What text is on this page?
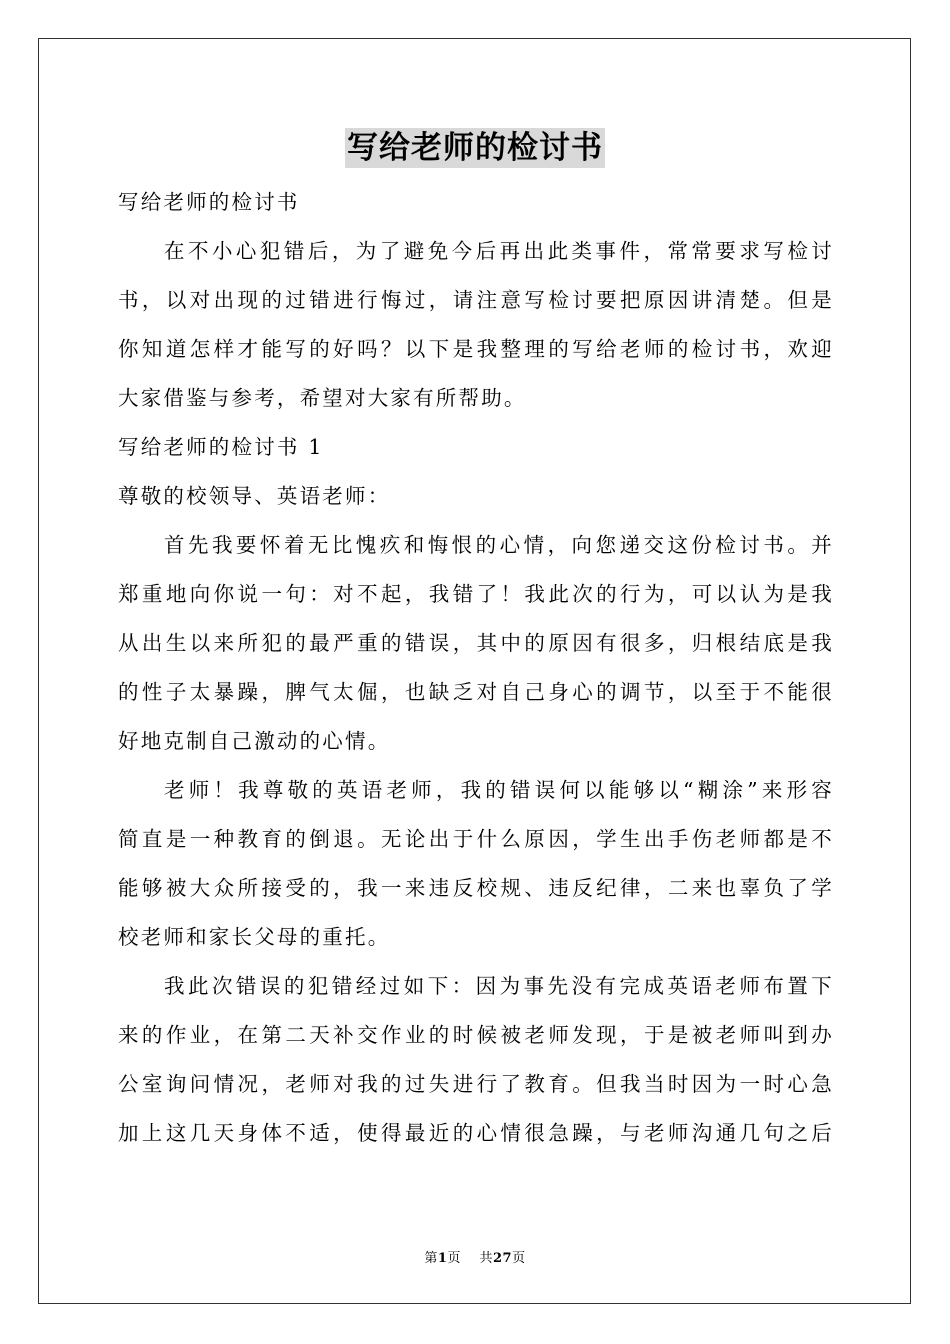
写给老师的检讨书
写给老师的检讨书
在不小心犯错后，为了避免今后再出此类事件，常常要求写检讨
书，以对出现的过错进行悔过，请注意写检讨要把原因讲清楚。但是
你知道怎样才能写的好吗？以下是我整理的写给老师的检讨书，欢迎
大家借鉴与参考，希望对大家有所帮助。
写给老师的检讨书 1
尊敬的校领导、英语老师：
首先我要怀着无比愧疚和悔恨的心情，向您递交这份检讨书。并
郑重地向你说一句：对不起，我错了！我此次的行为，可以认为是我
从出生以来所犯的最严重的错误，其中的原因有很多，归根结底是我
的性子太暴躁，脾气太倔，也缺乏对自己身心的调节，以至于不能很
好地克制自己激动的心情。
老师！我尊敬的英语老师，我的错误何以能够以“糊涂”来形容
简直是一种教育的倒退。无论出于什么原因，学生出手伤老师都是不
能够被大众所接受的，我一来违反校规、违反纪律，二来也辜负了学
校老师和家长父母的重托。
我此次错误的犯错经过如下：因为事先没有完成英语老师布置下
来的作业，在第二天补交作业的时候被老师发现，于是被老师叫到办
公室询问情况，老师对我的过失进行了教育。但我当时因为一时心急
加上这几天身体不适，使得最近的心情很急躁，与老师沟通几句之后
第1页 共27页
